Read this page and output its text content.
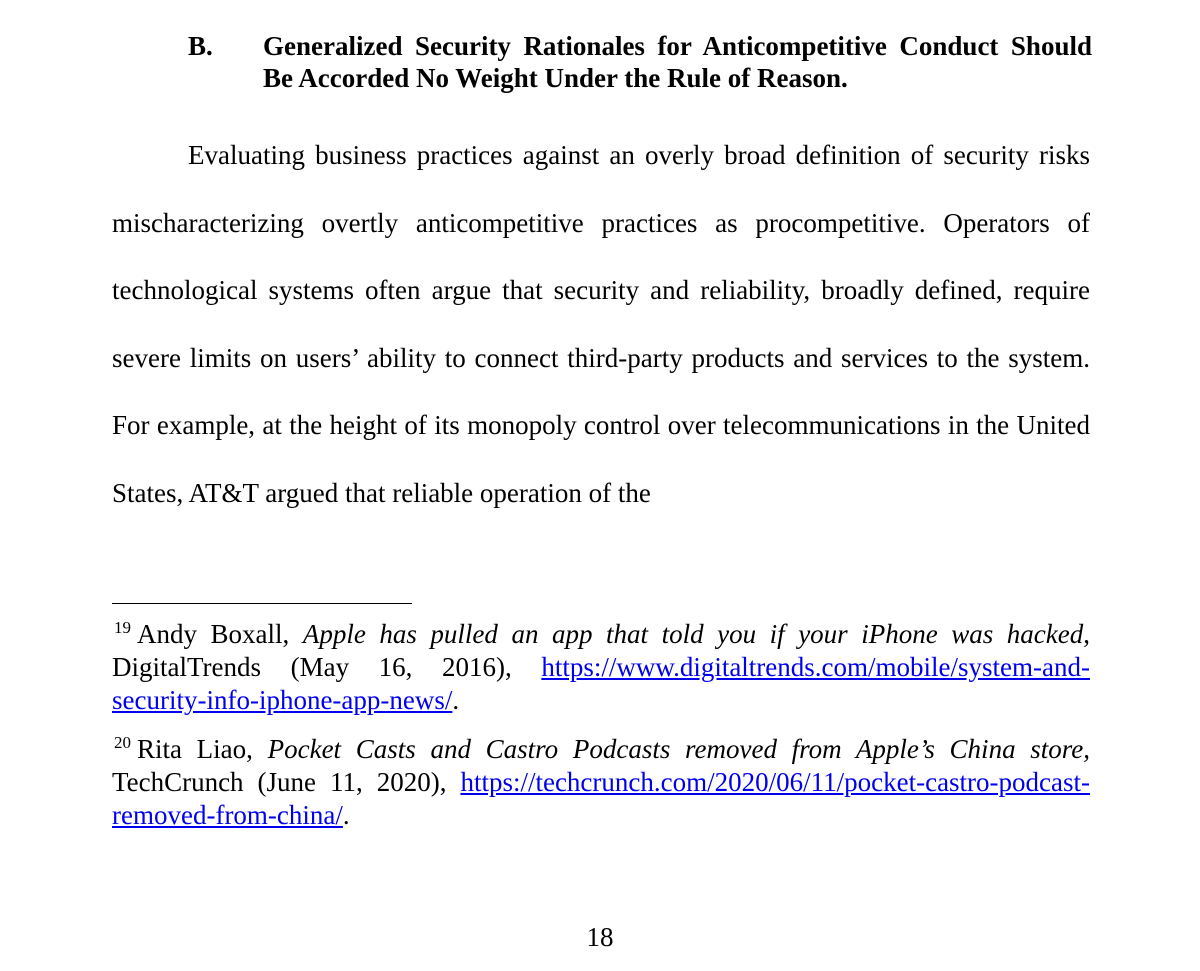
B. Generalized Security Rationales for Anticompetitive Conduct Should Be Accorded No Weight Under the Rule of Reason.
Evaluating business practices against an overly broad definition of security risks mischaracterizing overtly anticompetitive practices as procompetitive. Operators of technological systems often argue that security and reliability, broadly defined, require severe limits on users’ ability to connect third-party products and services to the system. For example, at the height of its monopoly control over telecommunications in the United States, AT&T argued that reliable operation of the
$^{19}$ Andy Boxall, Apple has pulled an app that told you if your iPhone was hacked, DigitalTrends (May 16, 2016), https://www.digitaltrends.com/mobile/system-and-security-info-iphone-app-news/.
$^{20}$ Rita Liao, Pocket Casts and Castro Podcasts removed from Apple’s China store, TechCrunch (June 11, 2020), https://techcrunch.com/2020/06/11/pocket-castro-podcast-removed-from-china/.
18
